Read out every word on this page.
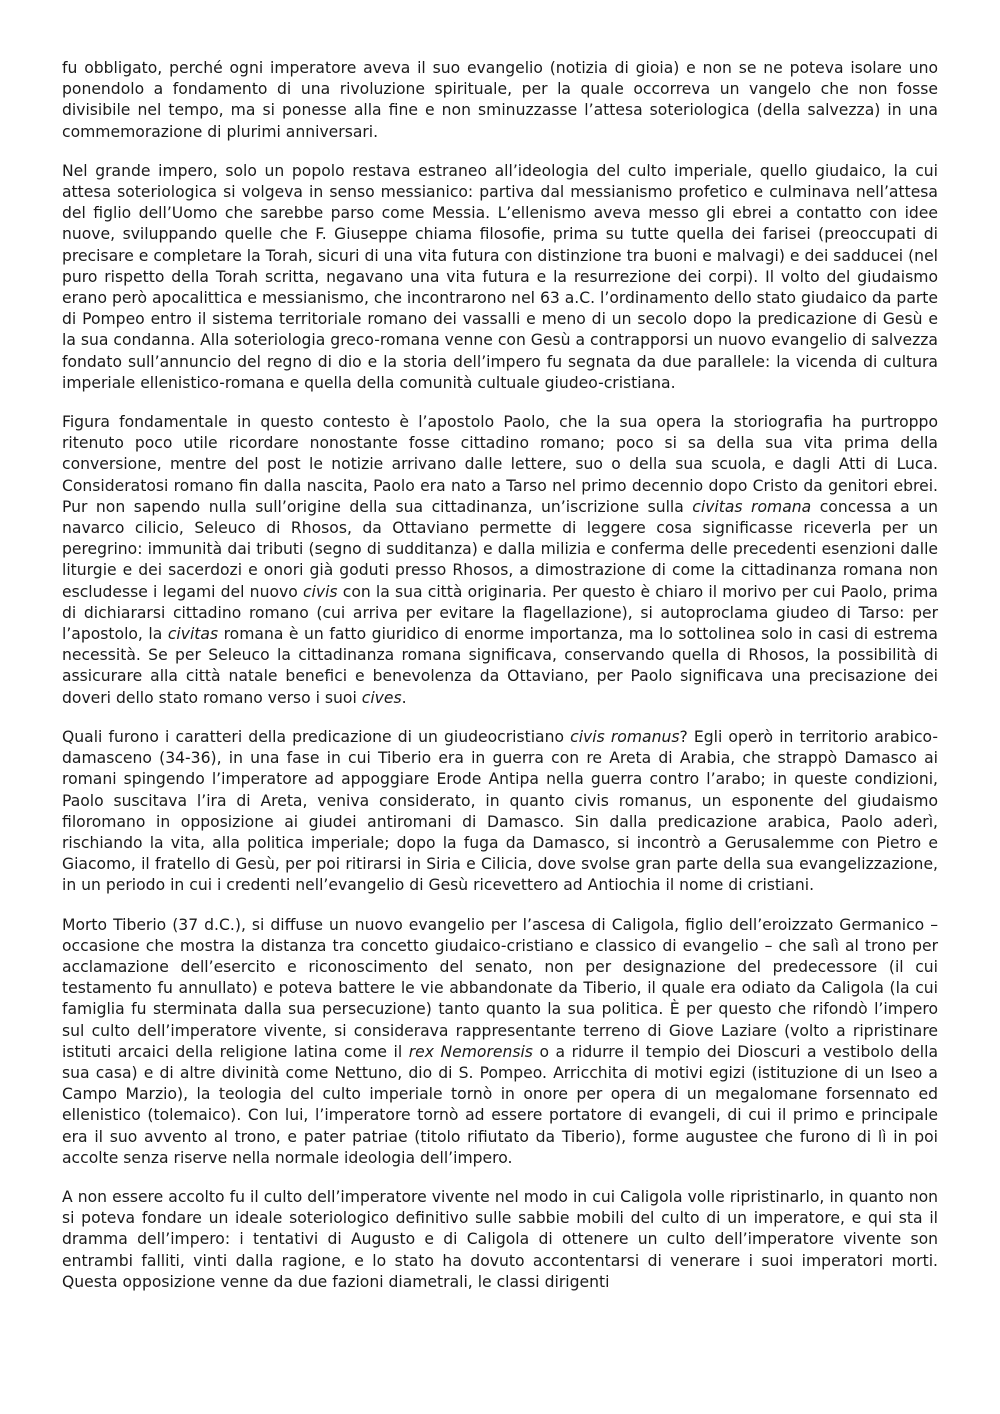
fu obbligato, perché ogni imperatore aveva il suo evangelio (notizia di gioia) e non se ne poteva isolare uno ponendolo a fondamento di una rivoluzione spirituale, per la quale occorreva un vangelo che non fosse divisibile nel tempo, ma si ponesse alla fine e non sminuzzasse l’attesa soteriologica (della salvezza) in una commemorazione di plurimi anniversari.

Nel grande impero, solo un popolo restava estraneo all’ideologia del culto imperiale, quello giudaico, la cui attesa soteriologica si volgeva in senso messianico: partiva dal messianismo profetico e culminava nell’attesa del figlio dell’Uomo che sarebbe parso come Messia. L’ellenismo aveva messo gli ebrei a contatto con idee nuove, sviluppando quelle che F. Giuseppe chiama filosofie, prima su tutte quella dei farisei (preoccupati di precisare e completare la Torah, sicuri di una vita futura con distinzione tra buoni e malvagi) e dei sadducei (nel puro rispetto della Torah scritta, negavano una vita futura e la resurrezione dei corpi). Il volto del giudaismo erano però apocalittica e messianismo, che incontrarono nel 63 a.C. l’ordinamento dello stato giudaico da parte di Pompeo entro il sistema territoriale romano dei vassalli e meno di un secolo dopo la predicazione di Gesù e la sua condanna. Alla soteriologia greco-romana venne con Gesù a contrapporsi un nuovo evangelio di salvezza fondato sull’annuncio del regno di dio e la storia dell’impero fu segnata da due parallele: la vicenda di cultura imperiale ellenistico-romana e quella della comunità cultuale giudeo-cristiana.

Figura fondamentale in questo contesto è l’apostolo Paolo, che la sua opera la storiografia ha purtroppo ritenuto poco utile ricordare nonostante fosse cittadino romano; poco si sa della sua vita prima della conversione, mentre del post le notizie arrivano dalle lettere, suo o della sua scuola, e dagli Atti di Luca. Consideratosi romano fin dalla nascita, Paolo era nato a Tarso nel primo decennio dopo Cristo da genitori ebrei. Pur non sapendo nulla sull’origine della sua cittadinanza, un’iscrizione sulla civitas romana concessa a un navarco cilicio, Seleuco di Rhosos, da Ottaviano permette di leggere cosa significasse riceverla per un peregrino: immunità dai tributi (segno di sudditanza) e dalla milizia e conferma delle precedenti esenzioni dalle liturgie e dei sacerdozi e onori già goduti presso Rhosos, a dimostrazione di come la cittadinanza romana non escludesse i legami del nuovo civis con la sua città originaria. Per questo è chiaro il morivo per cui Paolo, prima di dichiararsi cittadino romano (cui arriva per evitare la flagellazione), si autoproclama giudeo di Tarso: per l’apostolo, la civitas romana è un fatto giuridico di enorme importanza, ma lo sottolinea solo in casi di estrema necessità. Se per Seleuco la cittadinanza romana significava, conservando quella di Rhosos, la possibilità di assicurare alla città natale benefici e benevolenza da Ottaviano, per Paolo significava una precisazione dei doveri dello stato romano verso i suoi cives.

Quali furono i caratteri della predicazione di un giudeocristiano civis romanus? Egli operò in territorio arabico-damasceno (34-36), in una fase in cui Tiberio era in guerra con re Areta di Arabia, che strappò Damasco ai romani spingendo l’imperatore ad appoggiare Erode Antipa nella guerra contro l’arabo; in queste condizioni, Paolo suscitava l’ira di Areta, veniva considerato, in quanto civis romanus, un esponente del giudaismo filoromano in opposizione ai giudei antiromani di Damasco. Sin dalla predicazione arabica, Paolo aderì, rischiando la vita, alla politica imperiale; dopo la fuga da Damasco, si incontrò a Gerusalemme con Pietro e Giacomo, il fratello di Gesù, per poi ritirarsi in Siria e Cilicia, dove svolse gran parte della sua evangelizzazione, in un periodo in cui i credenti nell’evangelio di Gesù ricevettero ad Antiochia il nome di cristiani.

Morto Tiberio (37 d.C.), si diffuse un nuovo evangelio per l’ascesa di Caligola, figlio dell’eroizzato Germanico – occasione che mostra la distanza tra concetto giudaico-cristiano e classico di evangelio – che salì al trono per acclamazione dell’esercito e riconoscimento del senato, non per designazione del predecessore (il cui testamento fu annullato) e poteva battere le vie abbandonate da Tiberio, il quale era odiato da Caligola (la cui famiglia fu sterminata dalla sua persecuzione) tanto quanto la sua politica. È per questo che rifondò l’impero sul culto dell’imperatore vivente, si considerava rappresentante terreno di Giove Laziare (volto a ripristinare istituti arcaici della religione latina come il rex Nemorensis o a ridurre il tempio dei Dioscuri a vestibolo della sua casa) e di altre divinità come Nettuno, dio di S. Pompeo. Arricchita di motivi egizi (istituzione di un Iseo a Campo Marzio), la teologia del culto imperiale tornò in onore per opera di un megalomane forsennato ed ellenistico (tolemaico). Con lui, l’imperatore tornò ad essere portatore di evangeli, di cui il primo e principale era il suo avvento al trono, e pater patriae (titolo rifiutato da Tiberio), forme augustee che furono di lì in poi accolte senza riserve nella normale ideologia dell’impero.

A non essere accolto fu il culto dell’imperatore vivente nel modo in cui Caligola volle ripristinarlo, in quanto non si poteva fondare un ideale soteriologico definitivo sulle sabbie mobili del culto di un imperatore, e qui sta il dramma dell’impero: i tentativi di Augusto e di Caligola di ottenere un culto dell’imperatore vivente son entrambi falliti, vinti dalla ragione, e lo stato ha dovuto accontentarsi di venerare i suoi imperatori morti. Questa opposizione venne da due fazioni diametrali, le classi dirigenti
